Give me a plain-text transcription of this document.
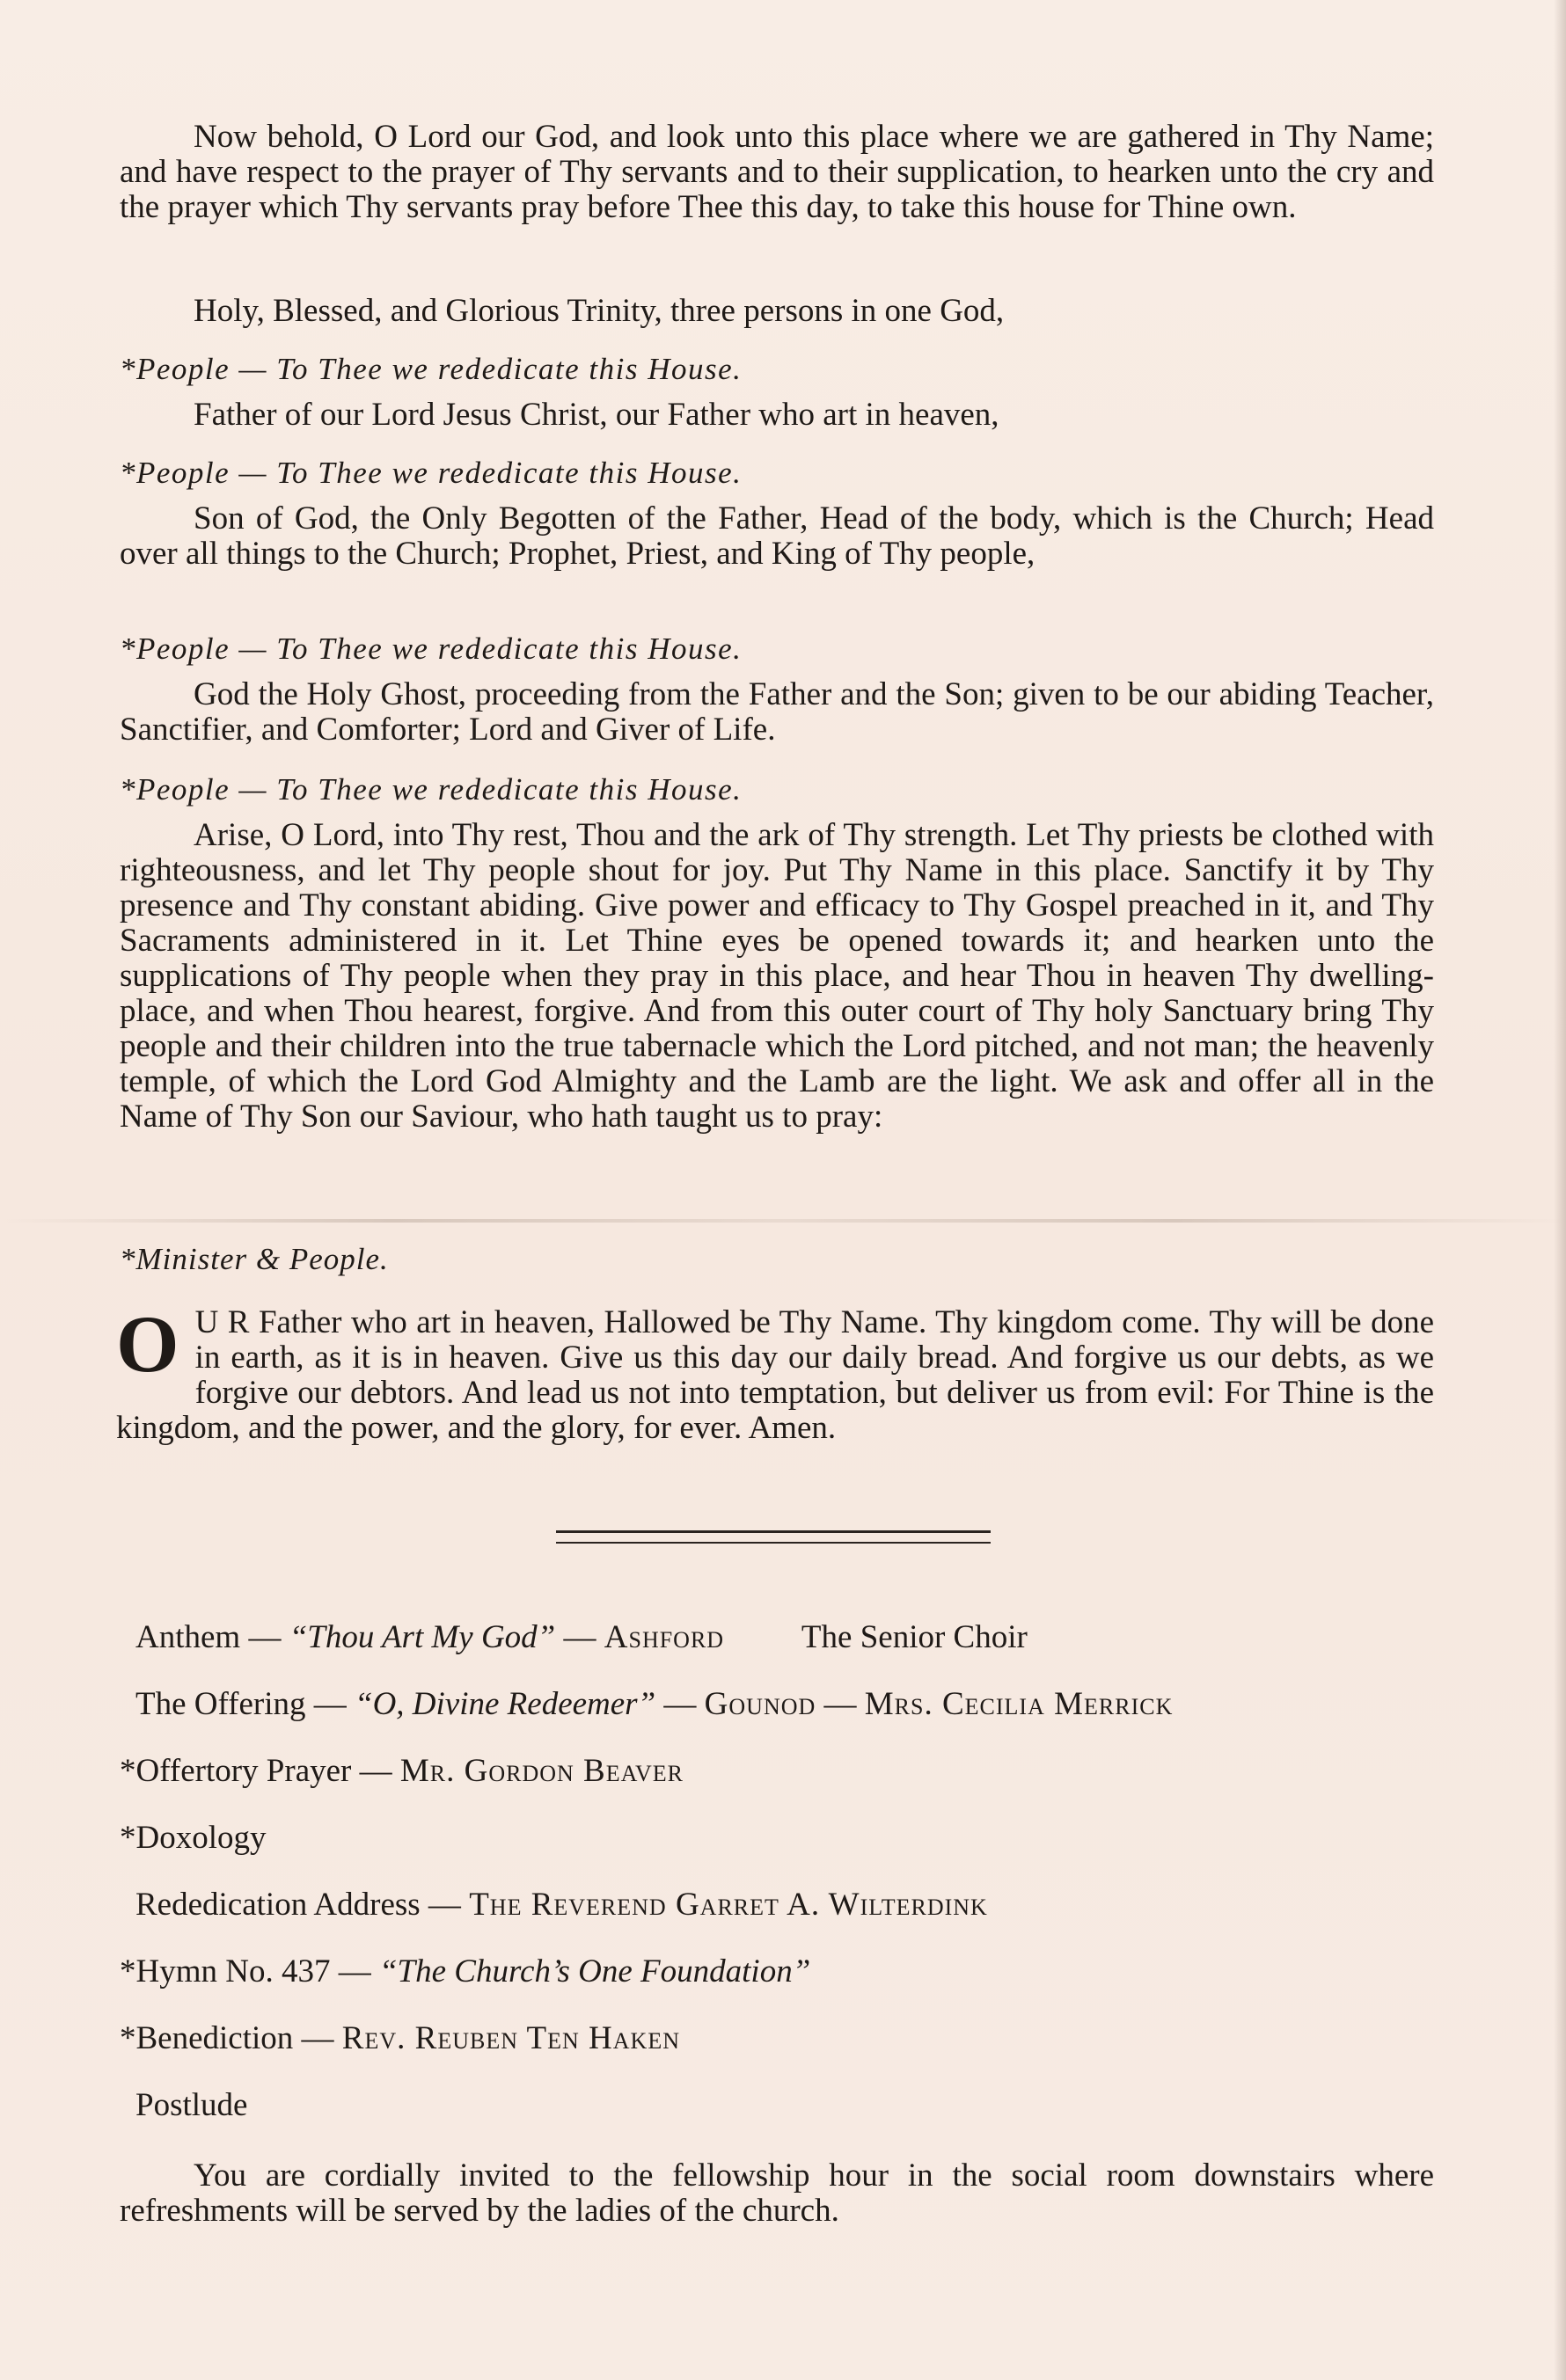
Now behold, O Lord our God, and look unto this place where we are gathered in Thy Name; and have respect to the prayer of Thy servants and to their supplication, to hearken unto the cry and the prayer which Thy servants pray before Thee this day, to take this house for Thine own.

Holy, Blessed, and Glorious Trinity, three persons in one God,

*People — To Thee we rededicate this House.

Father of our Lord Jesus Christ, our Father who art in heaven,

*People — To Thee we rededicate this House.

Son of God, the Only Begotten of the Father, Head of the body, which is the Church; Head over all things to the Church; Prophet, Priest, and King of Thy people,

*People — To Thee we rededicate this House.

God the Holy Ghost, proceeding from the Father and the Son; given to be our abiding Teacher, Sanctifier, and Comforter; Lord and Giver of Life.

*People — To Thee we rededicate this House.

Arise, O Lord, into Thy rest, Thou and the ark of Thy strength. Let Thy priests be clothed with righteousness, and let Thy people shout for joy. Put Thy Name in this place. Sanctify it by Thy presence and Thy constant abiding. Give power and efficacy to Thy Gospel preached in it, and Thy Sacraments administered in it. Let Thine eyes be opened towards it; and hearken unto the supplications of Thy people when they pray in this place, and hear Thou in heaven Thy dwelling-place, and when Thou hearest, forgive. And from this outer court of Thy holy Sanctuary bring Thy people and their children into the true tabernacle which the Lord pitched, and not man; the heavenly temple, of which the Lord God Almighty and the Lamb are the light. We ask and offer all in the Name of Thy Son our Saviour, who hath taught us to pray:

*Minister & People.
O U R Father who art in heaven, Hallowed be Thy Name. Thy kingdom come. Thy will be done in earth, as it is in heaven. Give us this day our daily bread. And forgive us our debts, as we forgive our debtors. And lead us not into temptation, but deliver us from evil: For Thine is the kingdom, and the power, and the glory, for ever. Amen.

Anthem — “Thou Art My God” — Ashford The Senior Choir
The Offering — “O, Divine Redeemer” — Gounod — Mrs. Cecilia Merrick
*Offertory Prayer — Mr. Gordon Beaver
*Doxology
Rededication Address — The Reverend Garret A. Wilterdink
*Hymn No. 437 — “The Church’s One Foundation”
*Benediction — Rev. Reuben Ten Haken
Postlude

You are cordially invited to the fellowship hour in the social room downstairs where refreshments will be served by the ladies of the church.
